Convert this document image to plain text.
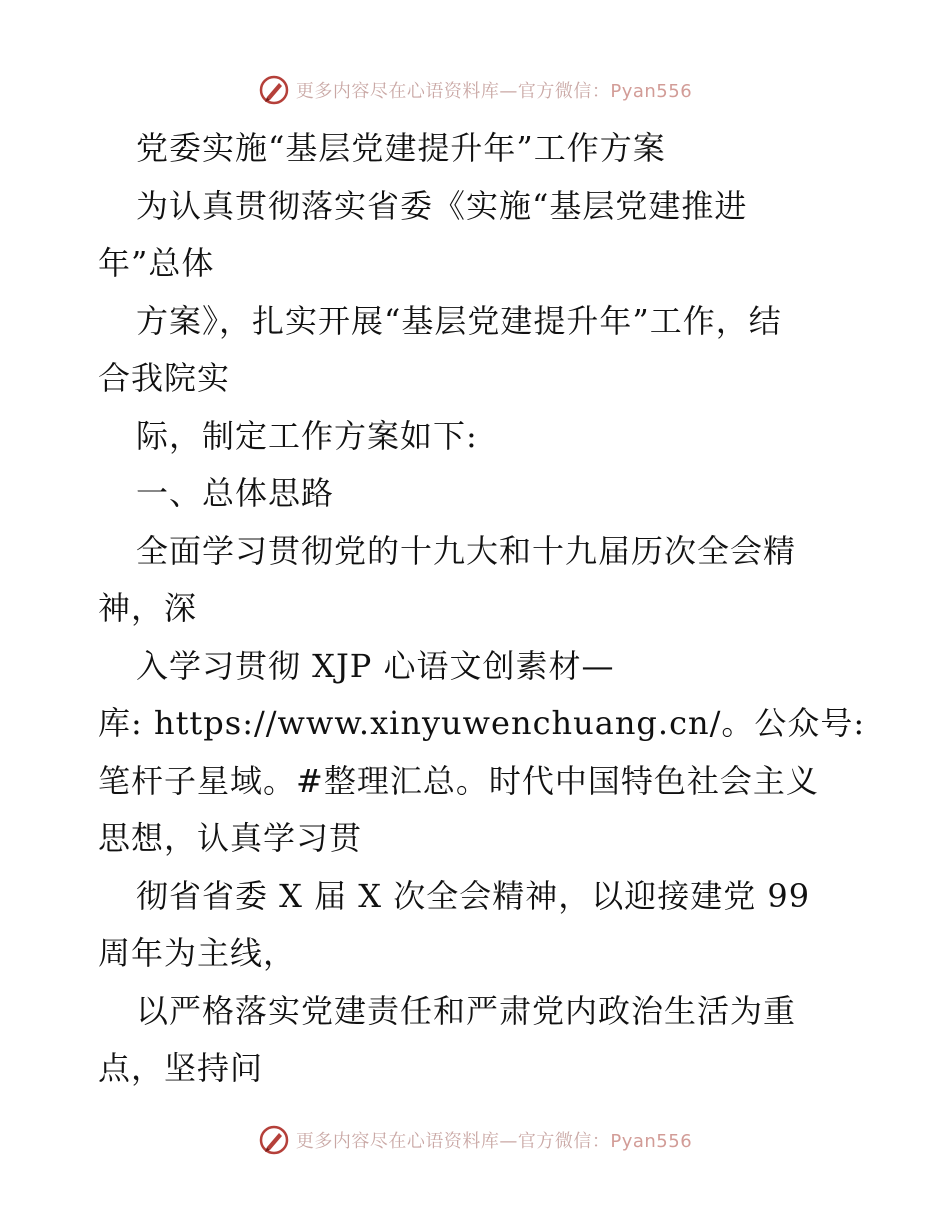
更多内容尽在心语资料库—官方微信：Pyan556
党委实施“基层党建提升年”工作方案
为认真贯彻落实省委《实施“基层党建推进
年”总体
方案》，扎实开展“基层党建提升年”工作，结
合我院实
际，制定工作方案如下:
一、总体思路
全面学习贯彻党的十九大和十九届历次全会精
神，深
入学习贯彻 XJP 心语文创素材—
库: https://www.xinyuwenchuang.cn/。公众号:
笔杆子星域。#整理汇总。时代中国特色社会主义
思想，认真学习贯
彻省省委 X 届 X 次全会精神，以迎接建党 99
周年为主线，
以严格落实党建责任和严肃党内政治生活为重
点，坚持问
更多内容尽在心语资料库—官方微信：Pyan556
